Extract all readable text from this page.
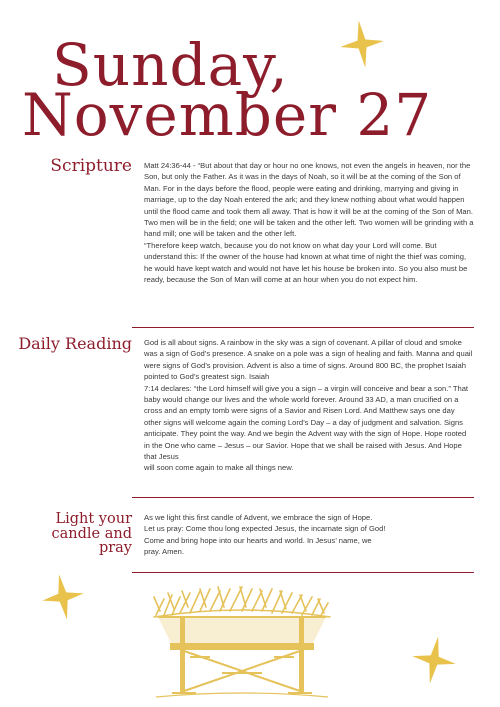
Sunday,
November 27
Scripture Matt 24:36-44 - “But about that day or hour no one knows, not even the angels in heaven, nor the Son, but only the Father. As it was in the days of Noah, so it will be at the coming of the Son of Man. For in the days before the flood, people were eating and drinking, marrying and giving in marriage, up to the day Noah entered the ark; and they knew nothing about what would happen until the flood came and took them all away. That is how it will be at the coming of the Son of Man. Two men will be in the field; one will be taken and the other left. Two women will be grinding with a hand mill; one will be taken and the other left.
“Therefore keep watch, because you do not know on what day your Lord will come. But understand this: If the owner of the house had known at what time of night the thief was coming, he would have kept watch and would not have let his house be broken into. So you also must be ready, because the Son of Man will come at an hour when you do not expect him.
Daily Reading God is all about signs. A rainbow in the sky was a sign of covenant. A pillar of cloud and smoke was a sign of God’s presence. A snake on a pole was a sign of healing and faith. Manna and quail were signs of God’s provision. Advent is also a time of signs. Around 800 BC, the prophet Isaiah pointed to God’s greatest sign. Isaiah
7:14 declares: “the Lord himself will give you a sign – a virgin will conceive and bear a son.” That baby would change our lives and the whole world forever. Around 33 AD, a man crucified on a cross and an empty tomb were signs of a Savior and Risen Lord. And Matthew says one day other signs will welcome again the coming Lord’s Day – a day of judgment and salvation. Signs anticipate. They point the way. And we begin the Advent way with the sign of Hope. Hope rooted in the One who came – Jesus – our Savior. Hope that we shall be raised with Jesus. And Hope that Jesus
will soon come again to make all things new.
Light your candle and pray
As we light this first candle of Advent, we embrace the sign of Hope.
Let us pray: Come thou long expected Jesus, the incarnate sign of God!
Come and bring hope into our hearts and world. In Jesus’ name, we
pray. Amen.
